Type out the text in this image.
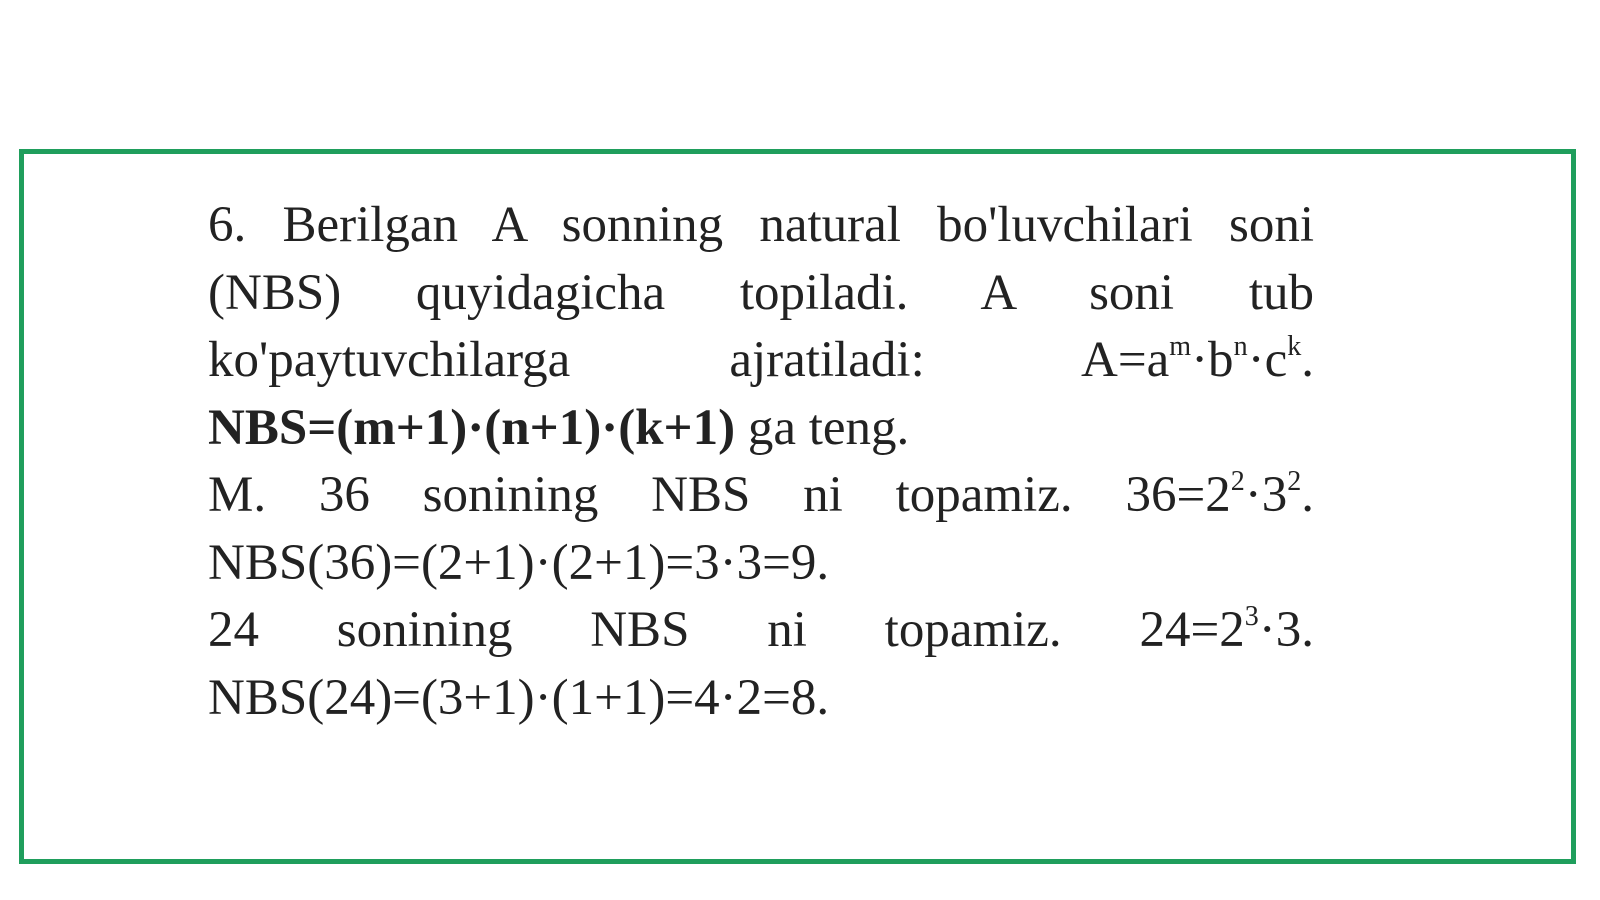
6. Berilgan A sonning natural bo'luvchilari soni
(NBS) quyidagicha topiladi. A soni tub
ko'paytuvchilarga	ajratiladi:	$A=a^m\cdot b^n\cdot c^k$.
NBS=(m+1)·(n+1)·(k+1) ga teng.
M. 36 sonining NBS ni topamiz. $36=2^2\cdot 3^2$.
NBS(36)=(2+1)·(2+1)=3·3=9.
24 sonining NBS ni topamiz. $24=2^3\cdot 3$.
NBS(24)=(3+1)·(1+1)=4·2=8.
